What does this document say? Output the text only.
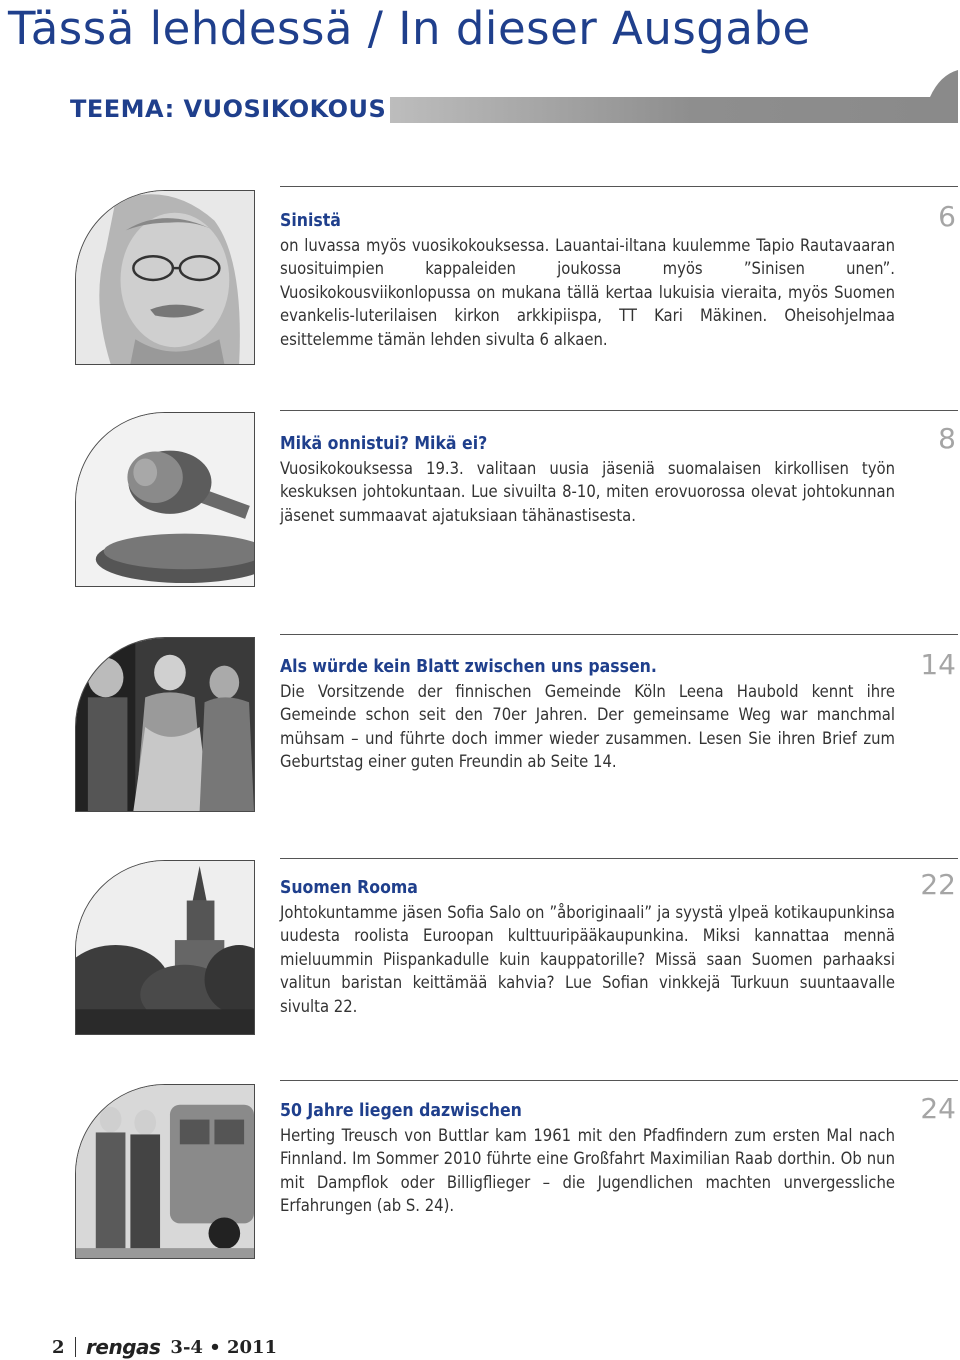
Tässä lehdessä / In dieser Ausgabe
TEEMA: VUOSIKOKOUS
Sinistä
on luvassa myös vuosikokouksessa. Lauantai-iltana kuulemme Tapio Rautavaaran suosituimpien kappaleiden joukossa myös ”Sinisen unen”. Vuosikokousviikonlopussa on mukana tällä kertaa lukuisia vieraita, myös Suomen evankelis-luterilaisen kirkon arkkipiispa, TT Kari Mäkinen. Oheisohjelmaa esittelemme tämän lehden sivulta 6 alkaen.
6
Mikä onnistui? Mikä ei?
Vuosikokouksessa 19.3. valitaan uusia jäseniä suomalaisen kirkollisen työn keskuksen johtokuntaan. Lue sivuilta 8-10, miten erovuorossa olevat johtokunnan jäsenet summaavat ajatuksiaan tähänastisesta.
8
Als würde kein Blatt zwischen uns passen.
Die Vorsitzende der finnischen Gemeinde Köln Leena Haubold kennt ihre Gemeinde schon seit den 70er Jahren. Der gemeinsame Weg war manchmal mühsam – und führte doch immer wieder zusammen. Lesen Sie ihren Brief zum Geburtstag einer guten Freundin ab Seite 14.
14
Suomen Rooma
Johtokuntamme jäsen Sofia Salo on ”åboriginaali” ja syystä ylpeä kotikaupunkinsa uudesta roolista Euroopan kulttuuripääkaupunkina. Miksi kannattaa mennä mieluummin Piispankadulle kuin kauppatorille? Missä saan Suomen parhaaksi valitun baristan keittämää kahvia? Lue Sofian vinkkejä Turkuun suuntaavalle sivulta 22.
22
50 Jahre liegen dazwischen
Herting Treusch von Buttlar kam 1961 mit den Pfadfindern zum ersten Mal nach Finnland. Im Sommer 2010 führte eine Großfahrt Maximilian Raab dorthin. Ob nun mit Dampflok oder Billigflieger – die Jugendlichen machten unvergessliche Erfahrungen (ab S. 24).
24
2 rengas 3-4 • 2011
